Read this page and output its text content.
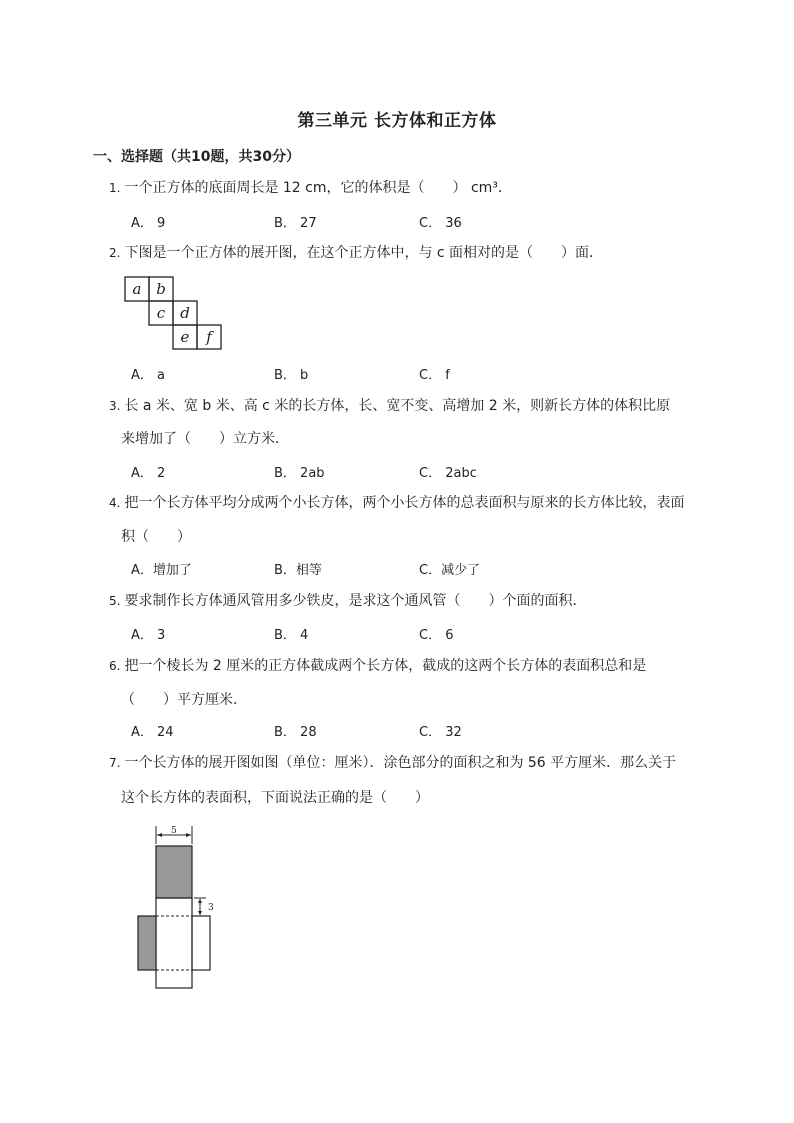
第三单元 长方体和正方体
一、选择题（共10题，共30分）
1. 一个正方体的底面周长是 12 cm，它的体积是（　　） cm³．
A． 9	B． 27	C． 36
2. 下图是一个正方体的展开图，在这个正方体中，与 c 面相对的是（　　）面．
a b
c d
e f
A． a	B． b	C． f
3. 长 a 米、宽 b 米、高 c 米的长方体，长、宽不变、高增加 2 米，则新长方体的体积比原
来增加了（　　）立方米．
A． 2	B． 2ab	C． 2abc
4. 把一个长方体平均分成两个小长方体，两个小长方体的总表面积与原来的长方体比较，表面
积（　　）
A．增加了	B．相等	C．减少了
5. 要求制作长方体通风管用多少铁皮，是求这个通风管（　　）个面的面积．
A． 3	B． 4	C． 6
6. 把一个棱长为 2 厘米的正方体截成两个长方体，截成的这两个长方体的表面积总和是
（　　）平方厘米．
A． 24	B． 28	C． 32
7. 一个长方体的展开图如图（单位：厘米）．涂色部分的面积之和为 56 平方厘米．那么关于
这个长方体的表面积，下面说法正确的是（　　）
5
3
